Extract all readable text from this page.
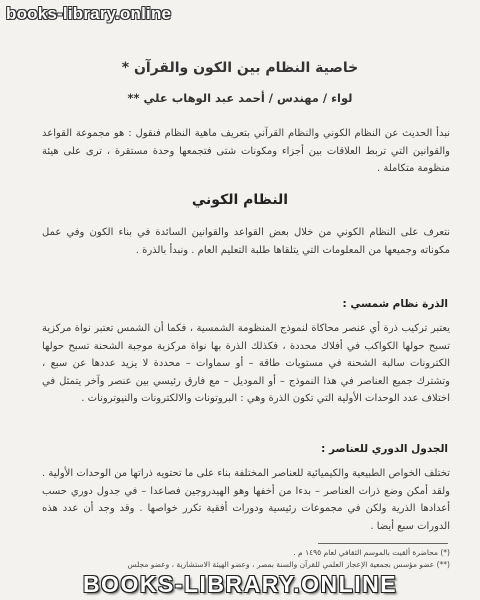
books-library.online
خاصية النظام بين الكون والقرآن *
لواء / مهندس / أحمد عبد الوهاب علي **
نبدأ الحديث عن النظام الكوني والنظام القرآني بتعريف ماهية النظام فنقول : هو مجموعة القواعد والقوانين التي تربط العلاقات بين أجزاء ومكونات شتى فتجمعها وحدة مستقرة ، ترى على هيئة منظومة متكاملة .
النظام الكوني
نتعرف على النظام الكوني من خلال بعض القواعد والقوانين السائدة في بناء الكون وفي عمل مكوناته وجميعها من المعلومات التي يتلقاها طلبة التعليم العام . ونبدأ بالذرة .
الذرة نظام شمسي :
يعتبر تركيب ذرة أي عنصر محاكاة لنموذج المنظومة الشمسية ، فكما أن الشمس تعتبر نواة مركزية تسبح حولها الكواكب في أفلاك محددة ، فكذلك الذرة بها نواة مركزية موجبة الشحنة تسبح حولها الكترونات سالبة الشحنة في مستويات طاقة – أو سماوات – محددة لا يزيد عددها عن سبع ، وتشترك جميع العناصر في هذا النموذج – أو الموديل – مع فارق رئيسي بين عنصر وآخر يتمثل في اختلاف عدد الوحدات الأولية التي تكون الذرة وهي : البروتونات والالكترونات والنيوترونات .
الجدول الدوري للعناصر :
تختلف الخواص الطبيعية والكيميائية للعناصر المختلفة بناء على ما تحتويه ذراتها من الوحدات الأولية . ولقد أمكن وضع ذرات العناصر – بدءا من أخفها وهو الهيدروجين فصاعدا – في جدول دوري حسب أعدادها الذرية ولكن في مجموعات رئيسية ودورات أفقية تكرر خواصها . وقد وجد أن عدد هذه الدورات سبع أيضا .
(*) محاضرة ألقيت بالموسم الثقافي لعام ١٤٩٥ م .
(**) عضو مؤسس بجمعية الإعجاز العلمي للقرآن والسنة بمصر ، وعضو الهيئة الاستشارية ، وعضو مجلس
BOOKS-LIBRARY.ONLINE
